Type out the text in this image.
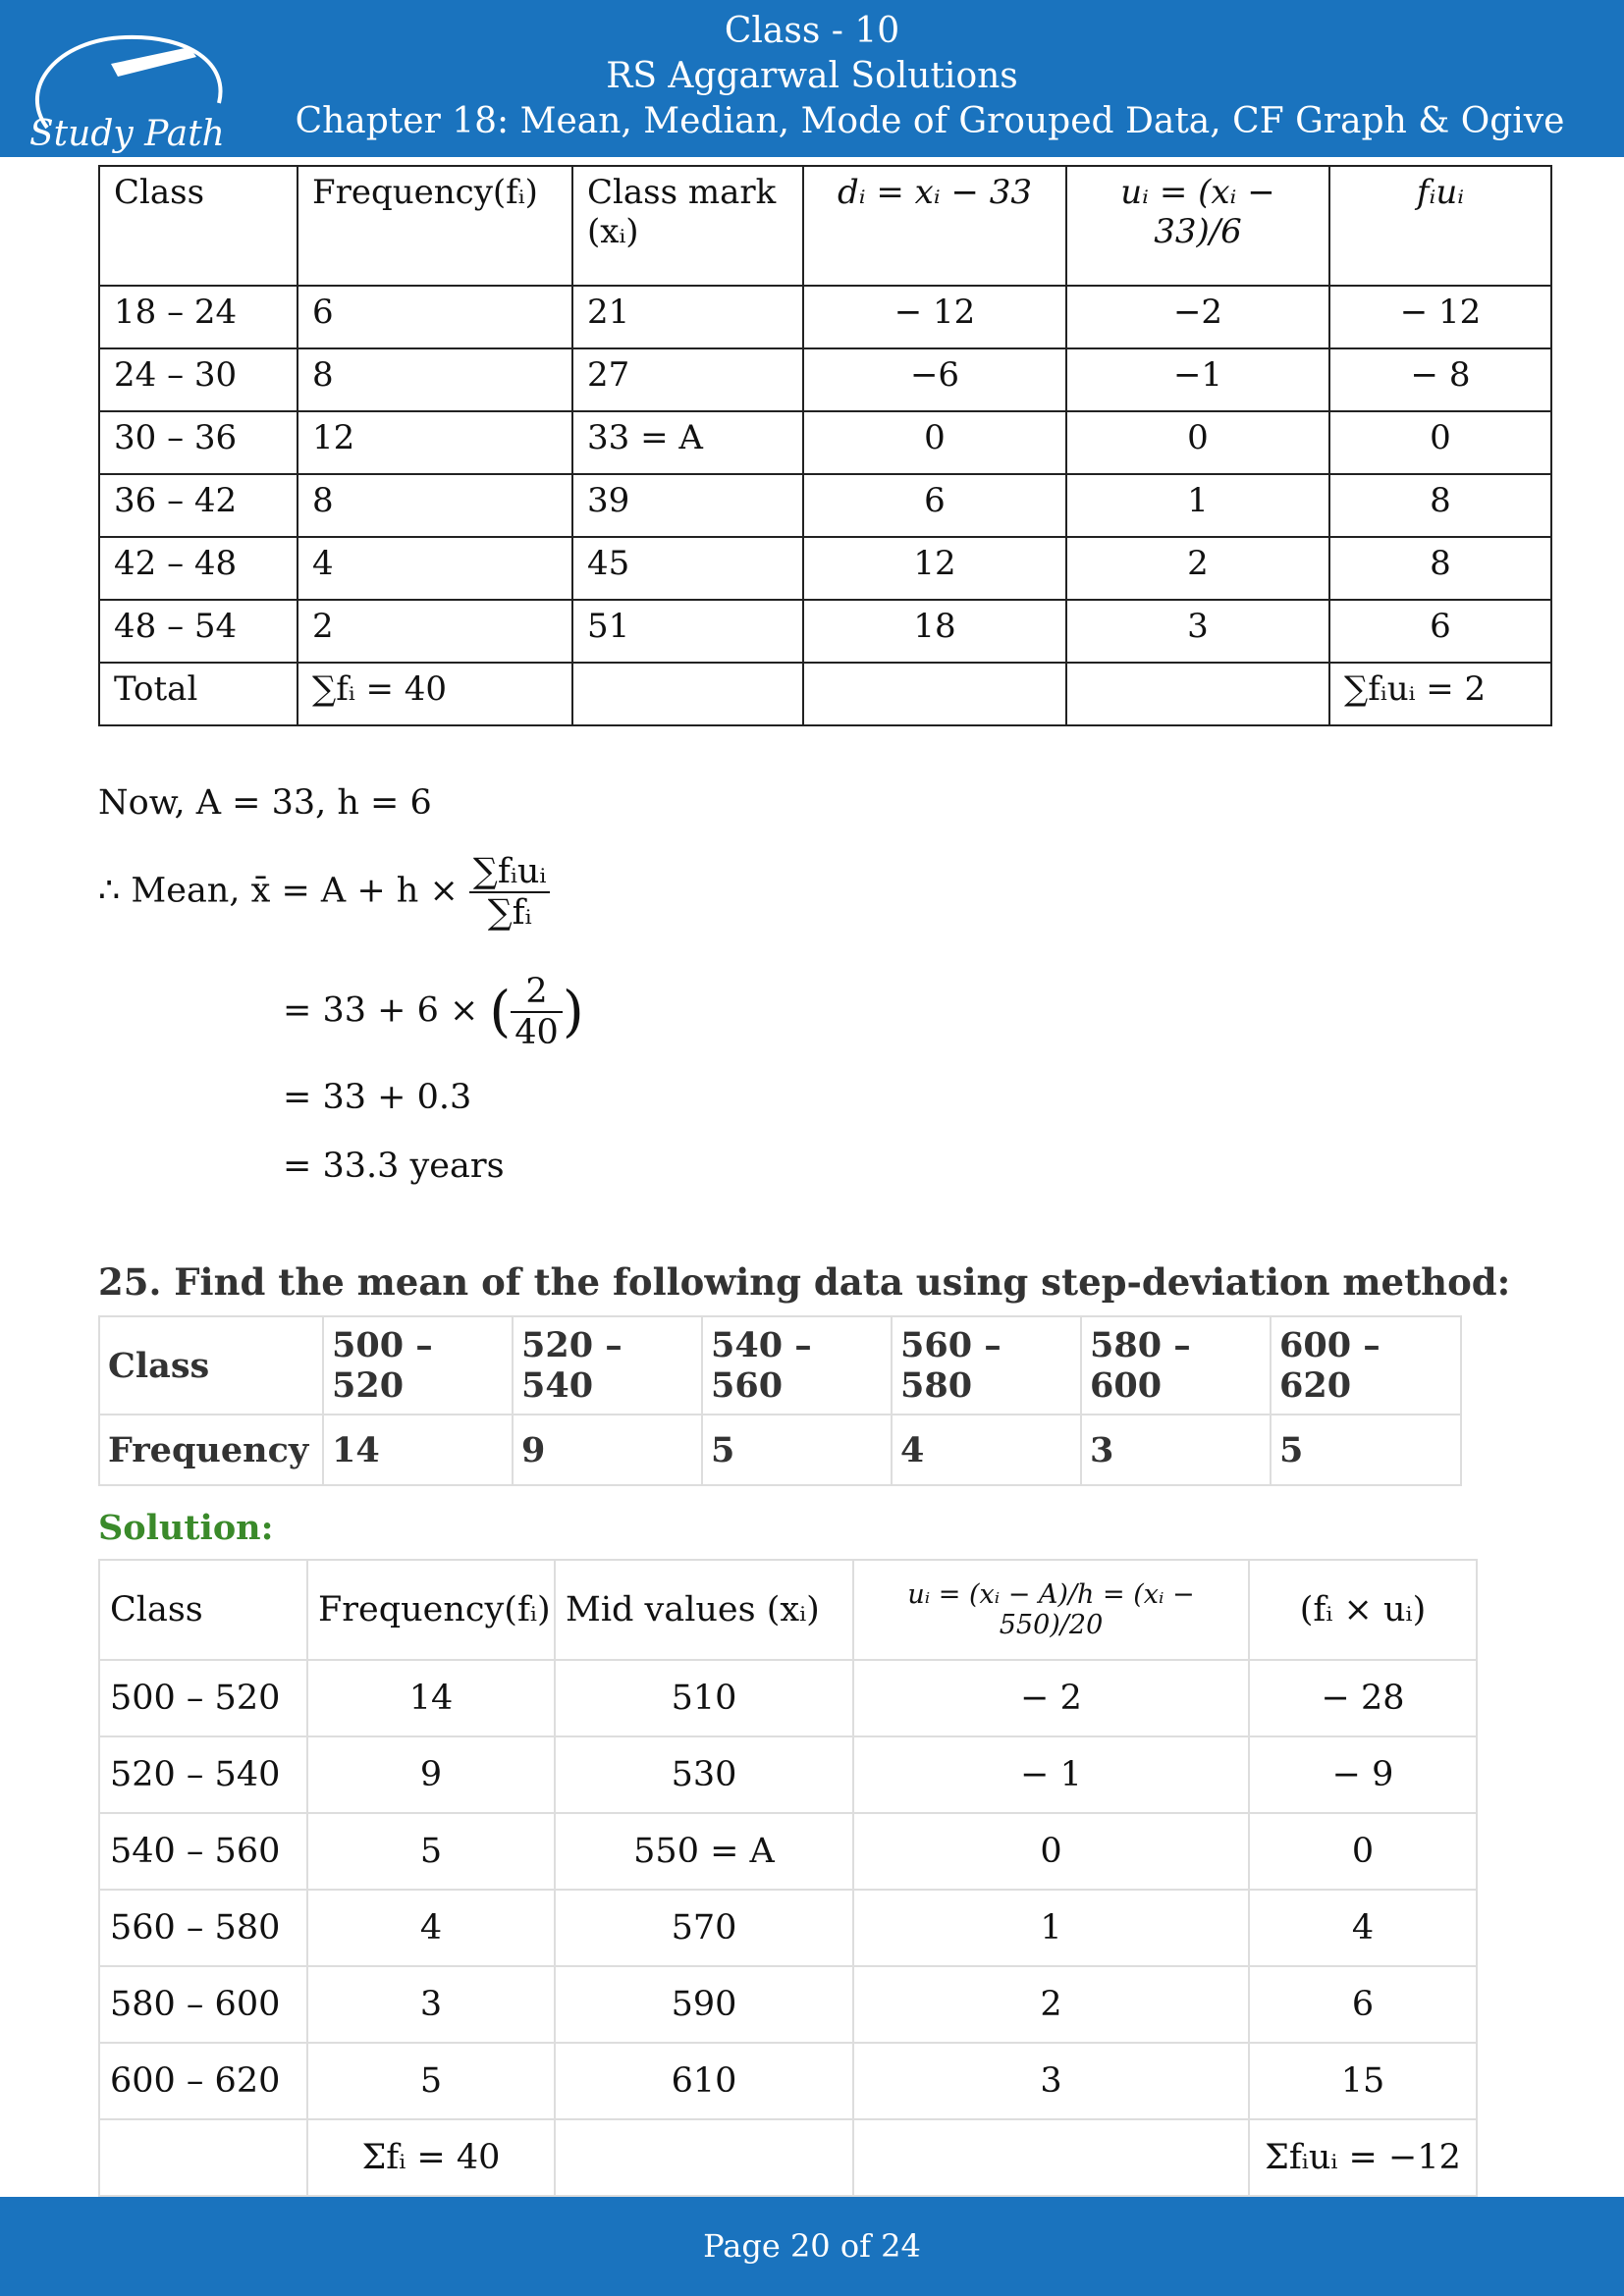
Study Path
Class - 10
RS Aggarwal Solutions
Chapter 18: Mean, Median, Mode of Grouped Data, CF Graph & Ogive
Class	Frequency(fᵢ)	Class mark (xᵢ)	dᵢ = xᵢ − 33	uᵢ = (xᵢ − 33)/6	fᵢuᵢ
18 – 24	6	21	− 12	−2	− 12
24 – 30	8	27	−6	−1	− 8
30 – 36	12	33 = A	0	0	0
36 – 42	8	39	6	1	8
42 – 48	4	45	12	2	8
48 – 54	2	51	18	3	6
Total	∑fᵢ = 40				∑fᵢuᵢ = 2
Now, A = 33, h = 6
∴ Mean, x̄ = $A + h \times \frac{\text{∑fᵢuᵢ}}{\text{∑fᵢ}}$
= 33 + 6 × ( $\frac{2}{40}$ )
= 33 + 0.3
= 33.3 years
25. Find the mean of the following data using step-deviation method:
Class	500 – 520	520 – 540	540 – 560	560 – 580	580 – 600	600 – 620
Frequency	14	9	5	4	3	5
Solution:
Class	Frequency(fᵢ)	Mid values (xᵢ)	uᵢ = (xᵢ − A)/h = (xᵢ − 550)/20	(fᵢ × uᵢ)
500 – 520	14	510	− 2	− 28
520 – 540	9	530	− 1	− 9
540 – 560	5	550 = A	0	0
560 – 580	4	570	1	4
580 – 600	3	590	2	6
600 – 620	5	610	3	15
	Σfᵢ = 40			Σfᵢuᵢ = −12
Page 20 of 24
